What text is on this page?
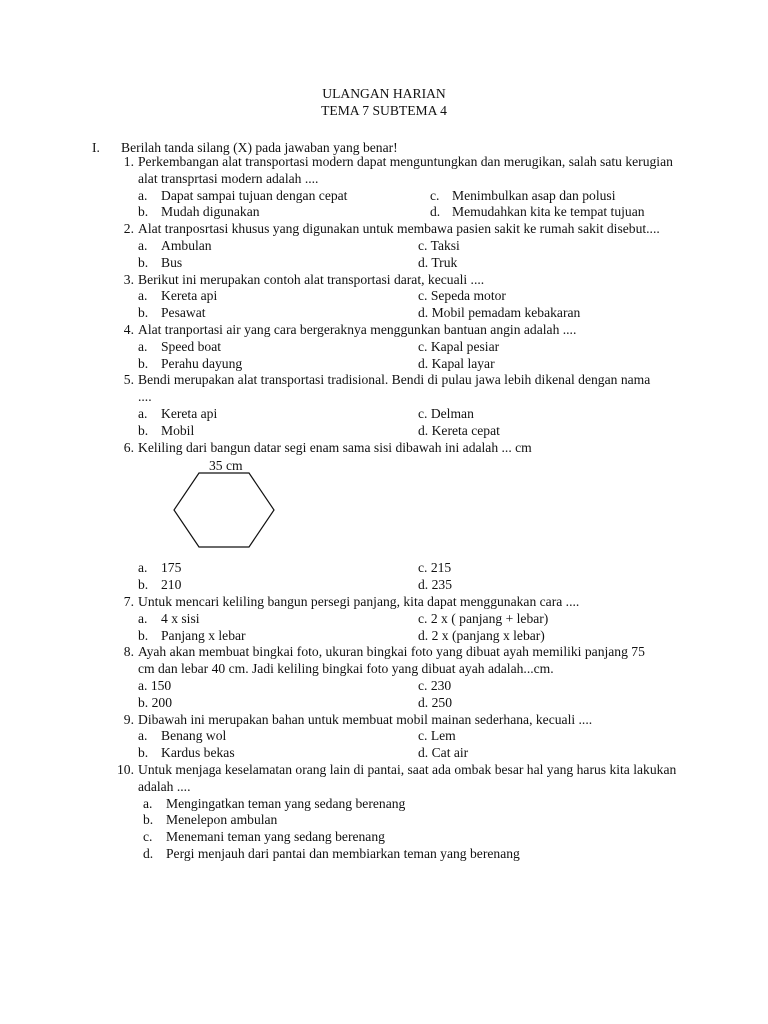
ULANGAN HARIAN
TEMA 7 SUBTEMA 4
I. Berilah tanda silang (X) pada jawaban yang benar!
1. Perkembangan alat transportasi modern dapat menguntungkan dan merugikan, salah satu kerugian alat transprtasi modern adalah ....
a. Dapat sampai tujuan dengan cepat	c. Menimbulkan asap dan polusi
b. Mudah digunakan	d. Memudahkan kita ke tempat tujuan
2. Alat tranposrtasi khusus yang digunakan untuk membawa pasien sakit ke rumah sakit disebut....
a. Ambulan	c. Taksi
b. Bus	d. Truk
3. Berikut ini merupakan contoh alat transportasi darat, kecuali ....
a. Kereta api	c. Sepeda motor
b. Pesawat	d. Mobil pemadam kebakaran
4. Alat tranportasi air yang cara bergeraknya menggunkan bantuan angin adalah ....
a. Speed boat	c. Kapal pesiar
b. Perahu dayung	d. Kapal layar
5. Bendi merupakan alat transportasi tradisional. Bendi di pulau jawa lebih dikenal dengan nama ....
a. Kereta api	c. Delman
b. Mobil	d. Kereta cepat
6. Keliling dari bangun datar segi enam sama sisi dibawah ini adalah ... cm
35 cm
a. 175	c. 215
b. 210	d. 235
7. Untuk mencari keliling bangun persegi panjang, kita dapat menggunakan cara ....
a. 4 x sisi	c. 2 x ( panjang + lebar)
b. Panjang x lebar	d. 2 x (panjang x lebar)
8. Ayah akan membuat bingkai foto, ukuran bingkai foto yang dibuat ayah memiliki panjang 75 cm dan lebar 40 cm. Jadi keliling bingkai foto yang dibuat ayah adalah...cm.
a. 150	c. 230
b. 200	d. 250
9. Dibawah ini merupakan bahan untuk membuat mobil mainan sederhana, kecuali ....
a. Benang wol	c. Lem
b. Kardus bekas	d. Cat air
10. Untuk menjaga keselamatan orang lain di pantai, saat ada ombak besar hal yang harus kita lakukan adalah ....
a. Mengingatkan teman yang sedang berenang
b. Menelepon ambulan
c. Menemani teman yang sedang berenang
d. Pergi menjauh dari pantai dan membiarkan teman yang berenang
